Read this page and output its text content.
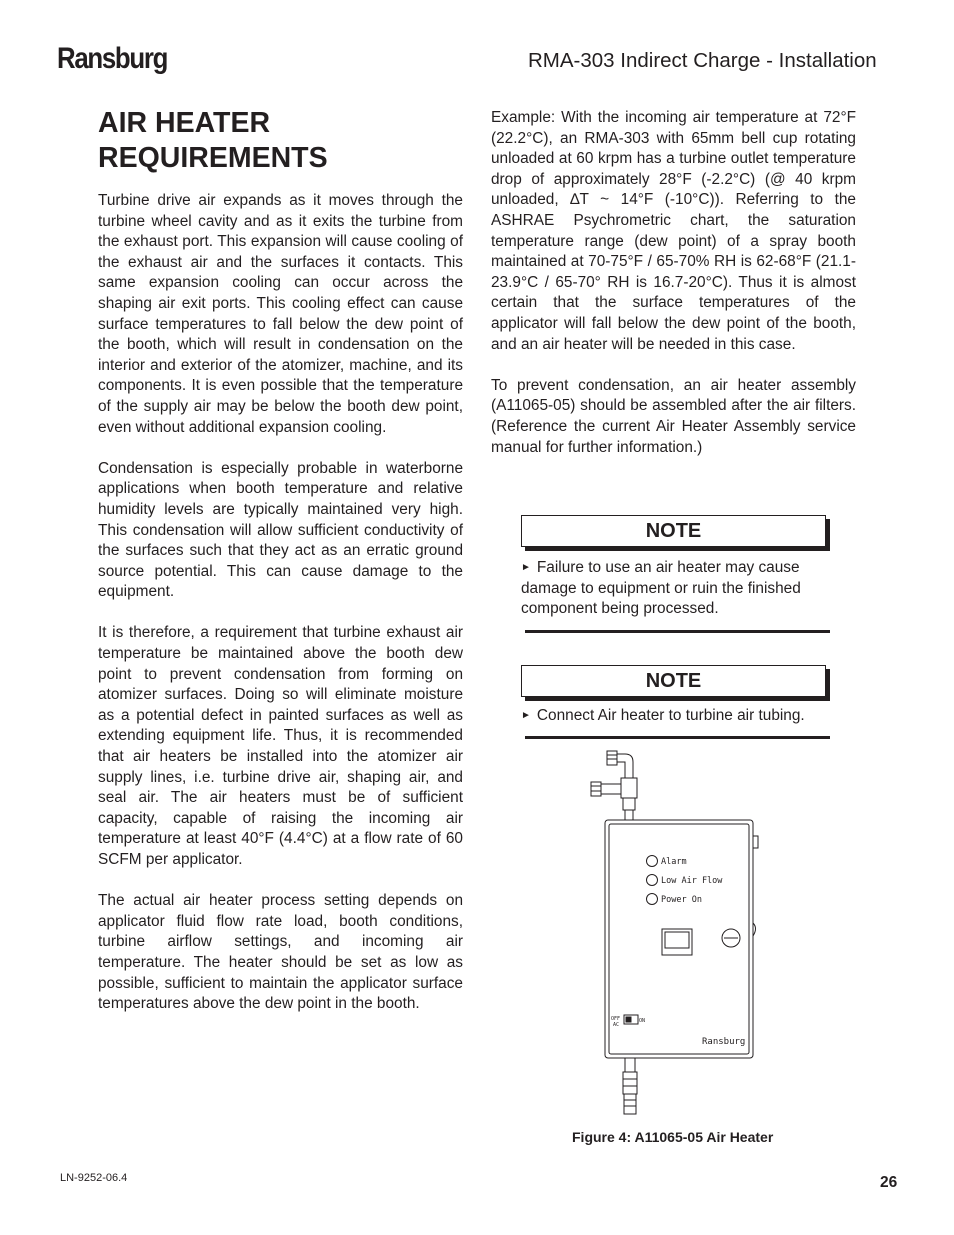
Ransburg	RMA-303 Indirect Charge - Installation
AIR HEATER REQUIREMENTS

Turbine drive air expands as it moves through the turbine wheel cavity and as it exits the turbine from the exhaust port. This expansion will cause cooling of the exhaust air and the surfaces it contacts. This same expansion cooling can occur across the shaping air exit ports. This cooling effect can cause surface temperatures to fall below the dew point of the booth, which will result in condensation on the interior and exterior of the atomizer, machine, and its components. It is even possible that the temperature of the supply air may be below the booth dew point, even without additional expansion cooling.

Condensation is especially probable in waterborne applications when booth temperature and relative humidity levels are typically maintained very high. This condensation will allow sufficient conductivity of the surfaces such that they act as an erratic ground source potential. This can cause damage to the equipment.

It is therefore, a requirement that turbine exhaust air temperature be maintained above the booth dew point to prevent condensation from forming on atomizer surfaces. Doing so will eliminate moisture as a potential defect in painted surfaces as well as extending equipment life. Thus, it is recommended that air heaters be installed into the atomizer air supply lines, i.e. turbine drive air, shaping air, and seal air. The air heaters must be of sufficient capacity, capable of raising the incoming air temperature at least 40°F (4.4°C) at a flow rate of 60 SCFM per applicator.

The actual air heater process setting depends on applicator fluid flow rate load, booth conditions, turbine airflow settings, and incoming air temperature. The heater should be set as low as possible, sufficient to maintain the applicator surface temperatures above the dew point in the booth.

Example: With the incoming air temperature at 72°F (22.2°C), an RMA-303 with 65mm bell cup rotating unloaded at 60 krpm has a turbine outlet temperature drop of approximately 28°F (-2.2°C) (@ 40 krpm unloaded, ∆T ~ 14°F (-10°C)). Referring to the ASHRAE Psychrometric chart, the saturation temperature range (dew point) of a spray booth maintained at 70-75°F / 65-70% RH is 62-68°F (21.1-23.9°C / 65-70° RH is 16.7-20°C). Thus it is almost certain that the surface temperatures of the applicator will fall below the dew point of the booth, and an air heater will be needed in this case.

To prevent condensation, an air heater assembly (A11065-05) should be assembled after the air filters. (Reference the current Air Heater Assembly service manual for further information.)

NOTE
► Failure to use an air heater may cause damage to equipment or ruin the finished component being processed.
NOTE
► Connect Air heater to turbine air tubing.
Alarm
Low Air Flow
Power On
OFF
AC
ON
Ransburg
Figure 4: A11065-05 Air Heater
LN-9252-06.4	26
